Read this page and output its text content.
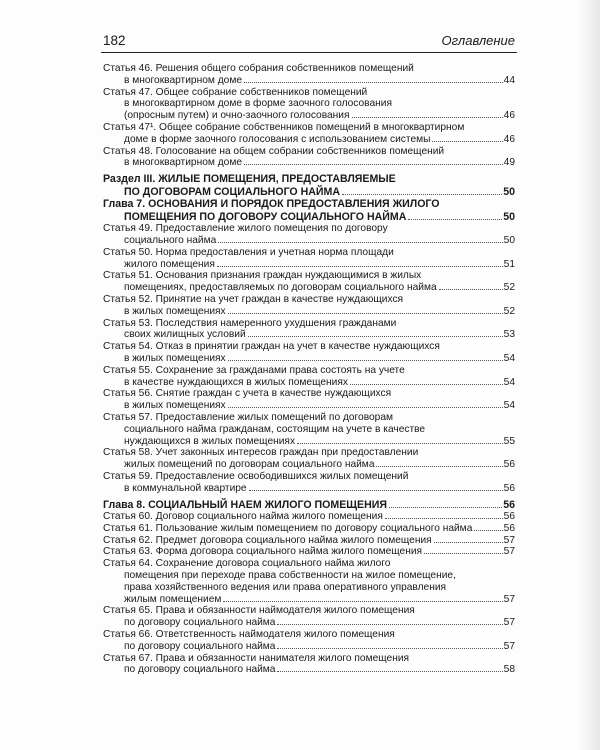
182	Оглавление
Статья 46. Решения общего собрания собственников помещений
в многоквартирном доме	44
Статья 47. Общее собрание собственников помещений
в многоквартирном доме в форме заочного голосования
(опросным путем) и очно-заочного голосования	46
Статья 47¹. Общее собрание собственников помещений в многоквартирном
доме в форме заочного голосования с использованием системы	46
Статья 48. Голосование на общем собрании собственников помещений
в многоквартирном доме	49
Раздел III. ЖИЛЫЕ ПОМЕЩЕНИЯ, ПРЕДОСТАВЛЯЕМЫЕ
ПО ДОГОВОРАМ СОЦИАЛЬНОГО НАЙМА	50
Глава 7. ОСНОВАНИЯ И ПОРЯДОК ПРЕДОСТАВЛЕНИЯ ЖИЛОГО
ПОМЕЩЕНИЯ ПО ДОГОВОРУ СОЦИАЛЬНОГО НАЙМА	50
Статья 49. Предоставление жилого помещения по договору
социального найма	50
Статья 50. Норма предоставления и учетная норма площади
жилого помещения	51
Статья 51. Основания признания граждан нуждающимися в жилых
помещениях, предоставляемых по договорам социального найма	52
Статья 52. Принятие на учет граждан в качестве нуждающихся
в жилых помещениях	52
Статья 53. Последствия намеренного ухудшения гражданами
своих жилищных условий	53
Статья 54. Отказ в принятии граждан на учет в качестве нуждающихся
в жилых помещениях	54
Статья 55. Сохранение за гражданами права состоять на учете
в качестве нуждающихся в жилых помещениях	54
Статья 56. Снятие граждан с учета в качестве нуждающихся
в жилых помещениях	54
Статья 57. Предоставление жилых помещений по договорам
социального найма гражданам, состоящим на учете в качестве
нуждающихся в жилых помещениях	55
Статья 58. Учет законных интересов граждан при предоставлении
жилых помещений по договорам социального найма	56
Статья 59. Предоставление освободившихся жилых помещений
в коммунальной квартире	56
Глава 8. СОЦИАЛЬНЫЙ НАЕМ ЖИЛОГО ПОМЕЩЕНИЯ	56
Статья 60. Договор социального найма жилого помещения	56
Статья 61. Пользование жилым помещением по договору социального найма	56
Статья 62. Предмет договора социального найма жилого помещения	57
Статья 63. Форма договора социального найма жилого помещения	57
Статья 64. Сохранение договора социального найма жилого
помещения при переходе права собственности на жилое помещение,
права хозяйственного ведения или права оперативного управления
жилым помещением	57
Статья 65. Права и обязанности наймодателя жилого помещения
по договору социального найма	57
Статья 66. Ответственность наймодателя жилого помещения
по договору социального найма	57
Статья 67. Права и обязанности нанимателя жилого помещения
по договору социального найма	58
